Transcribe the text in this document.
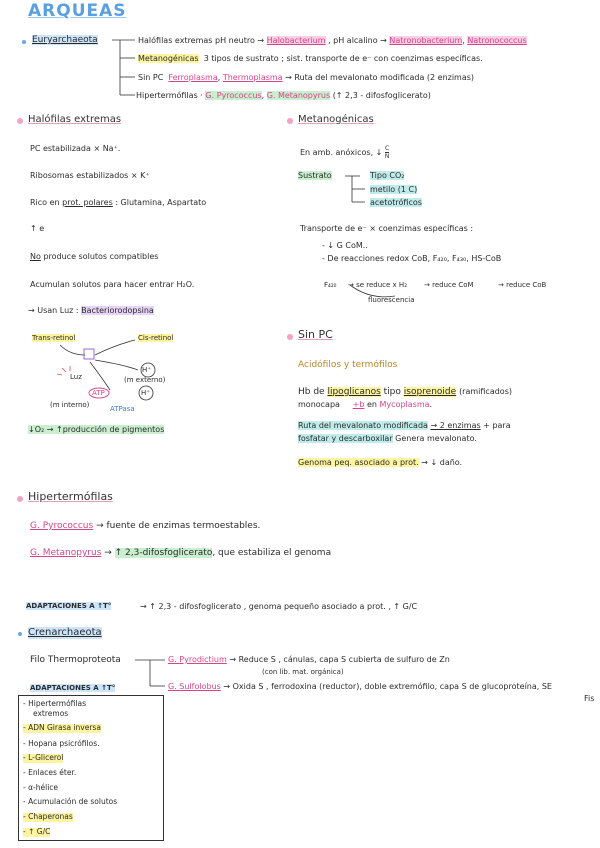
ARQUEAS
Euryarchaeota	Halófilas extremas pH neutro → Halobacterium , pH alcalino → Natronobacterium, Natronococcus
Metanogénicas 3 tipos de sustrato ; sist. transporte de e⁻ con coenzimas específicas.
Sin PC Ferroplasma, Thermoplasma → Ruta del mevalonato modificada (2 enzimas)
Hipertermófilas · G. Pyrococcus, G. Metanopyrus (↑ 2,3 - difosfoglicerato)
Halófilas extremas
PC estabilizada × Na⁺.
Ribosomas estabilizados × K⁺
Rico en prot. polares : Glutamina, Aspartato
↑ e
No produce solutos compatibles
Acumulan solutos para hacer entrar H₂O.
→ Usan Luz : Bacteriorodopsina
Trans-retinol	Cis-retinol
Luz
H⁺
(m externo)
ATP	H⁺
ATPasa
(m interno)
↓O₂ → ↑producción de pigmentos
Metanogénicas
En amb. anóxicos, ↓ $\frac{C}{N}$
Sustrato	Tipo CO₂
metilo (1 C)
acetotróficos
Transporte de e⁻ × coenzimas específicas :
- ↓ G CoM..
- De reacciones redox CoB, F₄₂₀, F₄₃₀, HS-CoB
F₄₂₀ → se reduce x H₂ → reduce CoM	→ reduce CoB
fluorescencia
Sin PC
Acidófilos y termófilos
Hb de lipoglicanos tipo isoprenoide (ramificados)
monocapa +b en Mycoplasma.
Ruta del mevalonato modificada → 2 enzimas + para
fosfatar y descarboxilar Genera mevalonato.
Genoma peq. asociado a prot. → ↓ daño.
Hipertermófilas
G. Pyrococcus → fuente de enzimas termoestables.
G. Metanopyrus → ↑ 2,3-difosfoglicerato, que estabiliza el genoma
ADAPTACIONES A ↑T°	→ ↑ 2,3 - difosfoglicerato , genoma pequeño asociado a prot. , ↑ G/C
Crenarchaeota
Filo Thermoproteota	G. Pyrodictium → Reduce S , cánulas, capa S cubierta de sulfuro de Zn
(con lib. mat. orgánica)
G. Sulfolobus → Oxida S , ferrodoxina (reductor), doble extremófilo, capa S de glucoproteína, SE
Fis
ADAPTACIONES A ↑T°
- Hipertermófilas
extremos
- ADN Girasa inversa
- Hopana psicrófilos.
- L-Glicerol
- Enlaces éter.
- α-hélice
- Acumulación de solutos
- Chaperonas
- ↑ G/C
